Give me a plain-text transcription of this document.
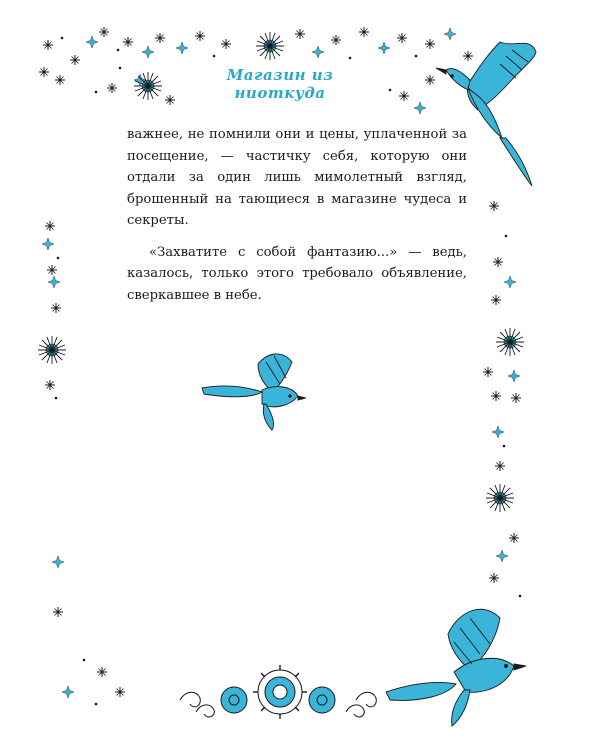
Магазин из ниоткуда

важнее, не помнили они и цены, уплаченной за посещение, — частичку себя, которую они отдали за один лишь мимолетный взгляд, брошенный на тающиеся в магазине чудеса и секреты.

«Захватите с собой фантазию...» — ведь, казалось, только этого требовало объявление, сверкавшее в небе.
